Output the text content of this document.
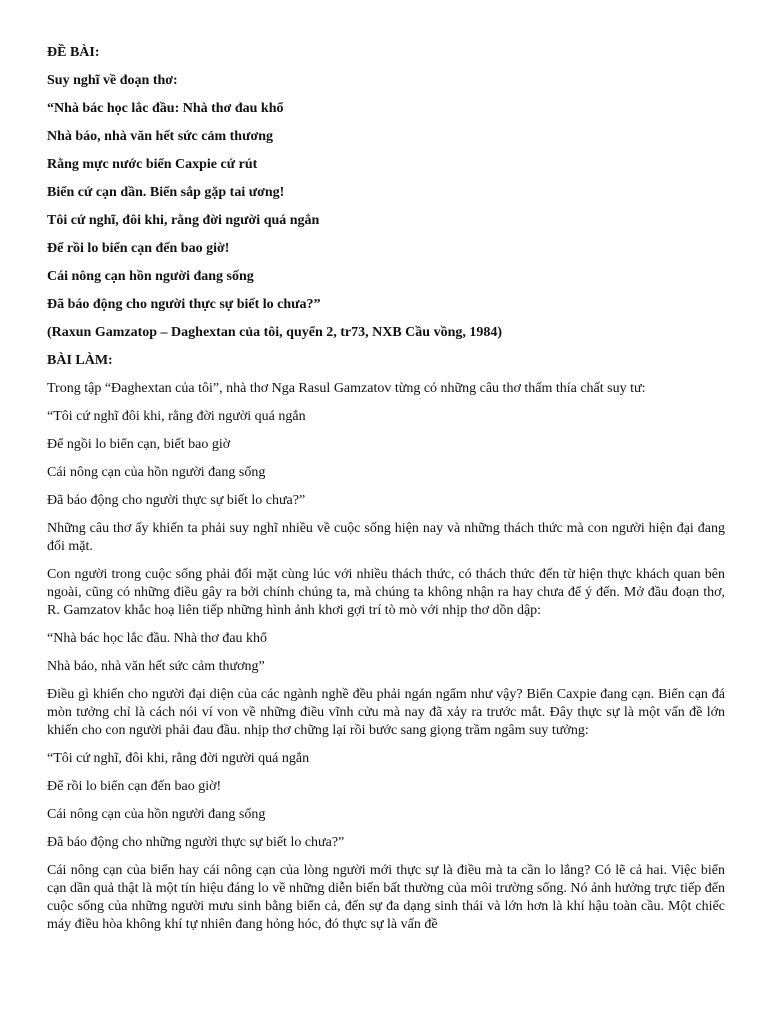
ĐỀ BÀI:
Suy nghĩ về đoạn thơ:
“Nhà bác học lắc đầu: Nhà thơ đau khổ
Nhà báo, nhà văn hết sức cảm thương
Rằng mực nước biển Caxpie cứ rút
Biển cứ cạn dần. Biển sắp gặp tai ương!
Tôi cứ nghĩ, đôi khi, rằng đời người quá ngắn
Để rồi lo biển cạn đến bao giờ!
Cái nông cạn hồn người đang sống
Đã báo động cho người thực sự biết lo chưa?”
(Raxun Gamzatop – Daghextan của tôi, quyển 2, tr73, NXB Cầu vồng, 1984)
BÀI LÀM:
Trong tập “Đaghextan của tôi”, nhà thơ Nga Rasul Gamzatov từng có những câu thơ thấm thía chất suy tư:
“Tôi cứ nghĩ đôi khi, rằng đời người quá ngắn
Để ngồi lo biển cạn, biết bao giờ
Cái nông cạn của hồn người đang sống
Đã báo động cho người thực sự biết lo chưa?”
Những câu thơ ấy khiến ta phải suy nghĩ nhiều về cuộc sống hiện nay và những thách thức mà con người hiện đại đang đối mặt.
Con người trong cuộc sống phải đối mặt cùng lúc với nhiều thách thức, có thách thức đến từ hiện thực khách quan bên ngoài, cũng có những điều gây ra bởi chính chúng ta, mà chúng ta không nhận ra hay chưa để ý đến. Mở đầu đoạn thơ, R. Gamzatov khắc hoạ liên tiếp những hình ảnh khơi gợi trí tò mò với nhịp thơ dồn dập:
“Nhà bác học lắc đầu. Nhà thơ đau khổ
Nhà báo, nhà văn hết sức cảm thương”
Điều gì khiến cho người đại diện của các ngành nghề đều phải ngán ngẩm như vậy? Biển Caxpie đang cạn. Biển cạn đá mòn tưởng chỉ là cách nói ví von về những điều vĩnh cửu mà nay đã xảy ra trước mắt. Đây thực sự là một vấn đề lớn khiến cho con người phải đau đầu. nhịp thơ chững lại rồi bước sang giọng trầm ngâm suy tưởng:
“Tôi cứ nghĩ, đôi khi, rằng đời người quá ngắn
Để rồi lo biển cạn đến bao giờ!
Cái nông cạn của hồn người đang sống
Đã báo động cho những người thực sự biết lo chưa?”
Cái nông cạn của biển hay cái nông cạn của lòng người mới thực sự là điều mà ta cần lo lắng? Có lẽ cả hai. Việc biển cạn dần quả thật là một tín hiệu đáng lo về những diễn biến bất thường của môi trường sống. Nó ảnh hưởng trực tiếp đến cuộc sống của những người mưu sinh bằng biển cả, đến sự đa dạng sinh thái và lớn hơn là khí hậu toàn cầu. Một chiếc máy điều hòa không khí tự nhiên đang hỏng hóc, đó thực sự là vấn đề
